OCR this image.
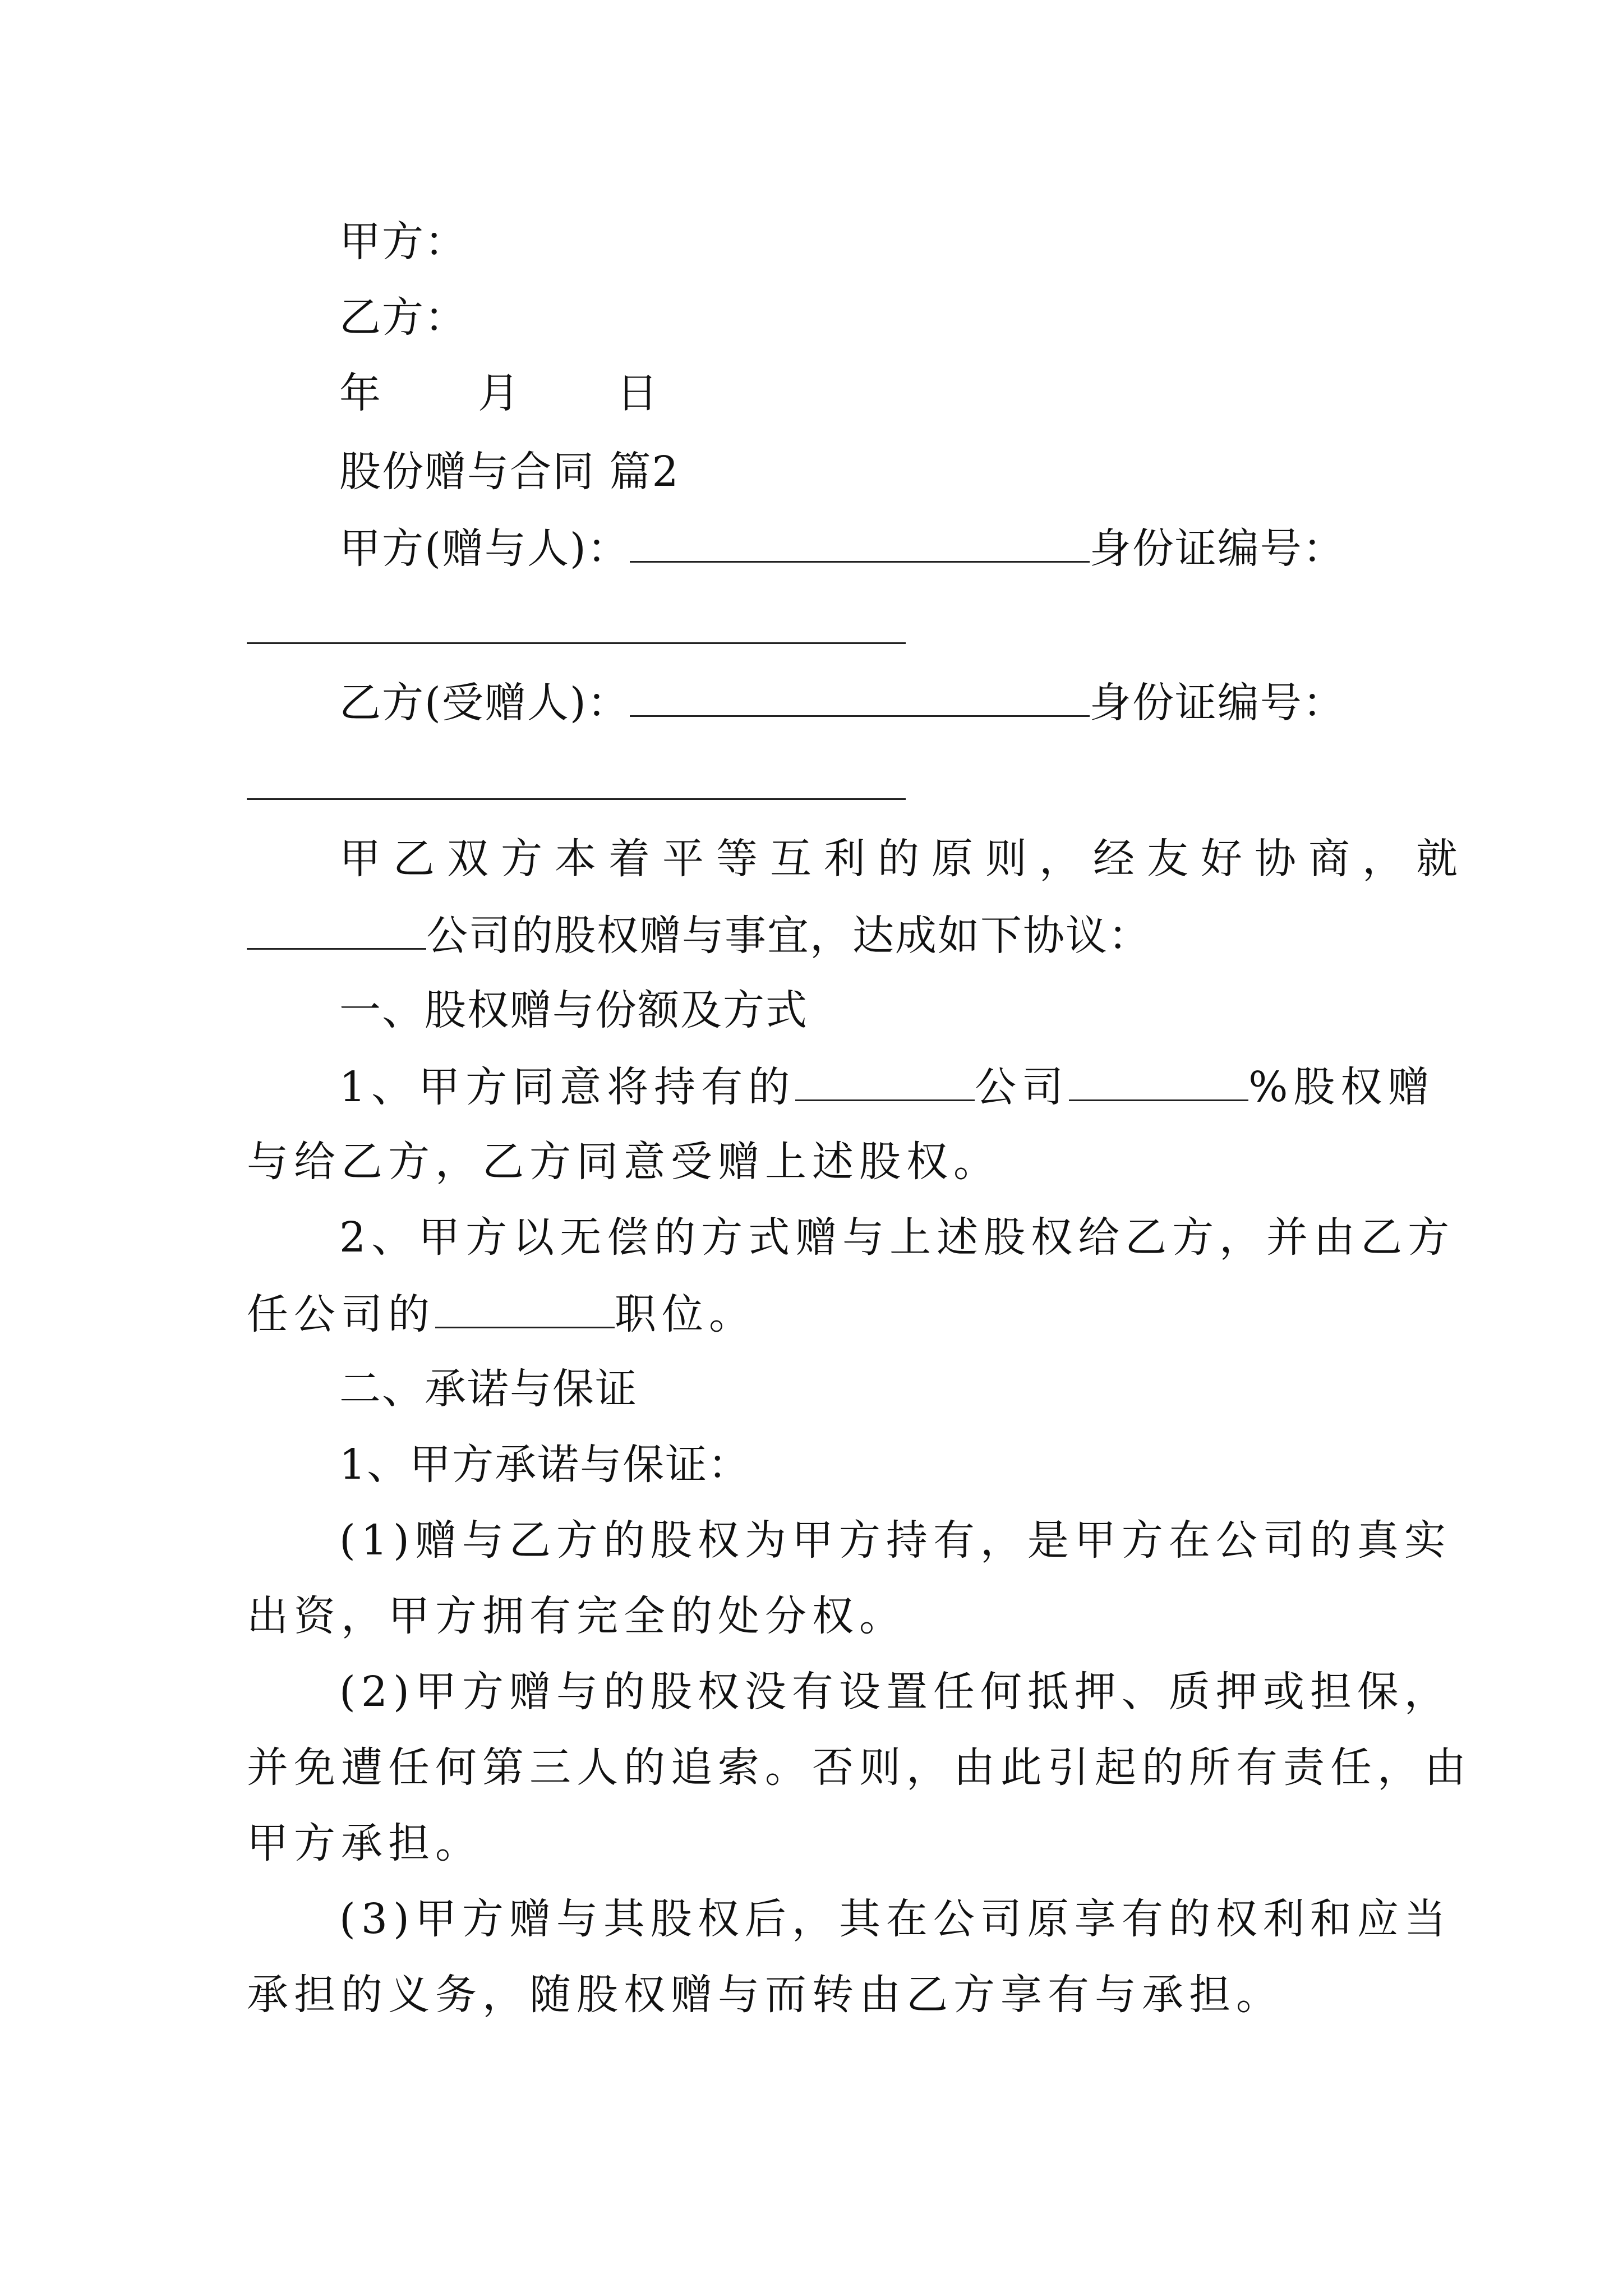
甲方：
乙方：
年 月 日
股份赠与合同 篇2
甲方(赠与人)：	身份证编号：
乙方(受赠人)：	身份证编号：
甲乙双方本着平等互利的原则，经友好协商，就
公司的股权赠与事宜，达成如下协议：
一、股权赠与份额及方式
1、甲方同意将持有的	公司	%股权赠
与给乙方，乙方同意受赠上述股权。
2、甲方以无偿的方式赠与上述股权给乙方，并由乙方
任公司的	职位。
二、承诺与保证
1、甲方承诺与保证：
(1)赠与乙方的股权为甲方持有，是甲方在公司的真实
出资，甲方拥有完全的处分权。
(2)甲方赠与的股权没有设置任何抵押、质押或担保，
并免遭任何第三人的追索。否则，由此引起的所有责任，由
甲方承担。
(3)甲方赠与其股权后，其在公司原享有的权利和应当
承担的义务，随股权赠与而转由乙方享有与承担。
